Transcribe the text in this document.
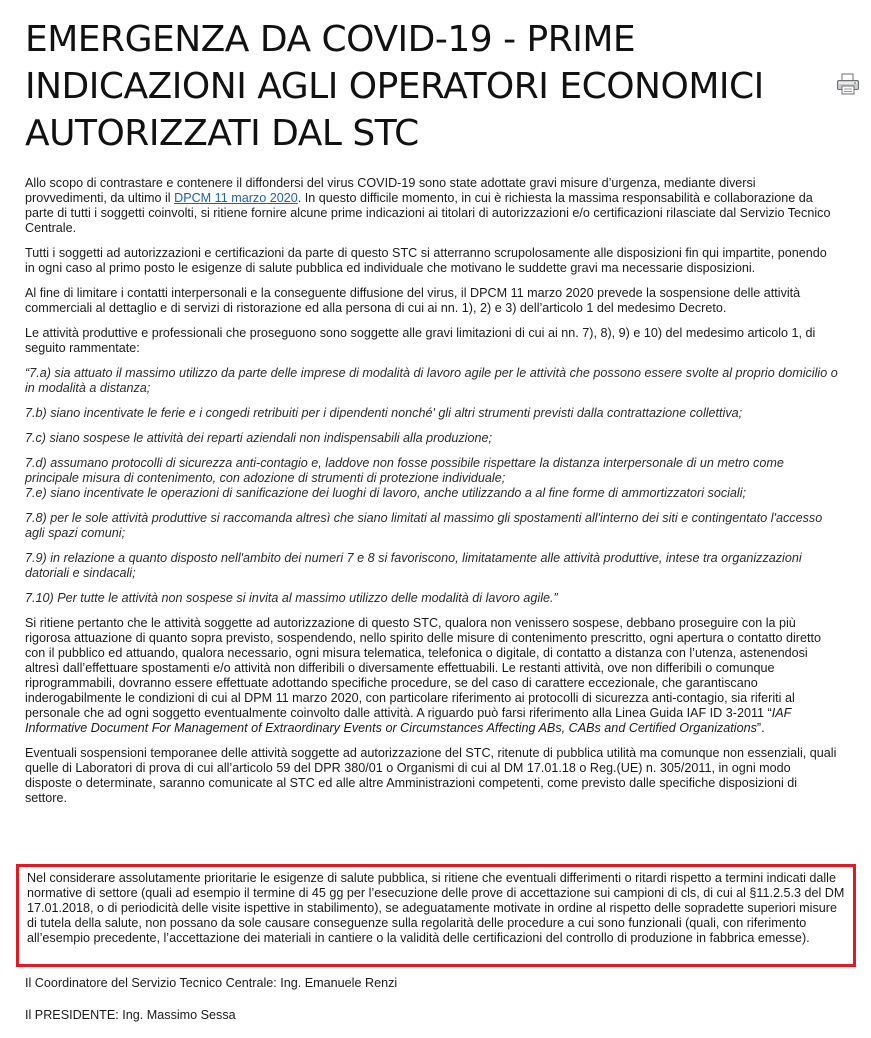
EMERGENZA DA COVID-19 - PRIME INDICAZIONI AGLI OPERATORI ECONOMICI AUTORIZZATI DAL STC

Allo scopo di contrastare e contenere il diffondersi del virus COVID-19 sono state adottate gravi misure d’urgenza, mediante diversi provvedimenti, da ultimo il DPCM 11 marzo 2020. In questo difficile momento, in cui è richiesta la massima responsabilità e collaborazione da parte di tutti i soggetti coinvolti, si ritiene fornire alcune prime indicazioni ai titolari di autorizzazioni e/o certificazioni rilasciate dal Servizio Tecnico Centrale.

Tutti i soggetti ad autorizzazioni e certificazioni da parte di questo STC si atterranno scrupolosamente alle disposizioni fin qui impartite, ponendo in ogni caso al primo posto le esigenze di salute pubblica ed individuale che motivano le suddette gravi ma necessarie disposizioni.

Al fine di limitare i contatti interpersonali e la conseguente diffusione del virus, il DPCM 11 marzo 2020 prevede la sospensione delle attività commerciali al dettaglio e di servizi di ristorazione ed alla persona di cui ai nn. 1), 2) e 3) dell’articolo 1 del medesimo Decreto.

Le attività produttive e professionali che proseguono sono soggette alle gravi limitazioni di cui ai nn. 7), 8), 9) e 10) del medesimo articolo 1, di seguito rammentate:

“7.a) sia attuato il massimo utilizzo da parte delle imprese di modalità di lavoro agile per le attività che possono essere svolte al proprio domicilio o in modalità a distanza;

7.b) siano incentivate le ferie e i congedi retribuiti per i dipendenti nonché' gli altri strumenti previsti dalla contrattazione collettiva;

7.c) siano sospese le attività dei reparti aziendali non indispensabili alla produzione;

7.d) assumano protocolli di sicurezza anti-contagio e, laddove non fosse possibile rispettare la distanza interpersonale di un metro come principale misura di contenimento, con adozione di strumenti di protezione individuale;

7.e) siano incentivate le operazioni di sanificazione dei luoghi di lavoro, anche utilizzando a al fine forme di ammortizzatori sociali;

7.8) per le sole attività produttive si raccomanda altresì che siano limitati al massimo gli spostamenti all'interno dei siti e contingentato l'accesso agli spazi comuni;

7.9) in relazione a quanto disposto nell'ambito dei numeri 7 e 8 si favoriscono, limitatamente alle attività produttive, intese tra organizzazioni datoriali e sindacali;

7.10) Per tutte le attività non sospese si invita al massimo utilizzo delle modalità di lavoro agile.”

Si ritiene pertanto che le attività soggette ad autorizzazione di questo STC, qualora non venissero sospese, debbano proseguire con la più rigorosa attuazione di quanto sopra previsto, sospendendo, nello spirito delle misure di contenimento prescritto, ogni apertura o contatto diretto con il pubblico ed attuando, qualora necessario, ogni misura telematica, telefonica o digitale, di contatto a distanza con l’utenza, astenendosi altresì dall’effettuare spostamenti e/o attività non differibili o diversamente effettuabili. Le restanti attività, ove non differibili o comunque riprogrammabili, dovranno essere effettuate adottando specifiche procedure, se del caso di carattere eccezionale, che garantiscano inderogabilmente le condizioni di cui al DPM 11 marzo 2020, con particolare riferimento ai protocolli di sicurezza anti-contagio, sia riferiti al personale che ad ogni soggetto eventualmente coinvolto dalle attività. A riguardo può farsi riferimento alla Linea Guida IAF ID 3-2011 “IAF Informative Document For Management of Extraordinary Events or Circumstances Affecting ABs, CABs and Certified Organizations”.

Eventuali sospensioni temporanee delle attività soggette ad autorizzazione del STC, ritenute di pubblica utilità ma comunque non essenziali, quali quelle di Laboratori di prova di cui all’articolo 59 del DPR 380/01 o Organismi di cui al DM 17.01.18 o Reg.(UE) n. 305/2011, in ogni modo disposte o determinate, saranno comunicate al STC ed alle altre Amministrazioni competenti, come previsto dalle specifiche disposizioni di settore.

Nel considerare assolutamente prioritarie le esigenze di salute pubblica, si ritiene che eventuali differimenti o ritardi rispetto a termini indicati dalle normative di settore (quali ad esempio il termine di 45 gg per l’esecuzione delle prove di accettazione sui campioni di cls, di cui al §11.2.5.3 del DM 17.01.2018, o di periodicità delle visite ispettive in stabilimento), se adeguatamente motivate in ordine al rispetto delle sopradette superiori misure di tutela della salute, non possano da sole causare conseguenze sulla regolarità delle procedure a cui sono funzionali (quali, con riferimento all’esempio precedente, l’accettazione dei materiali in cantiere o la validità delle certificazioni del controllo di produzione in fabbrica emesse).

Il Coordinatore del Servizio Tecnico Centrale: Ing. Emanuele Renzi
Il PRESIDENTE: Ing. Massimo Sessa
